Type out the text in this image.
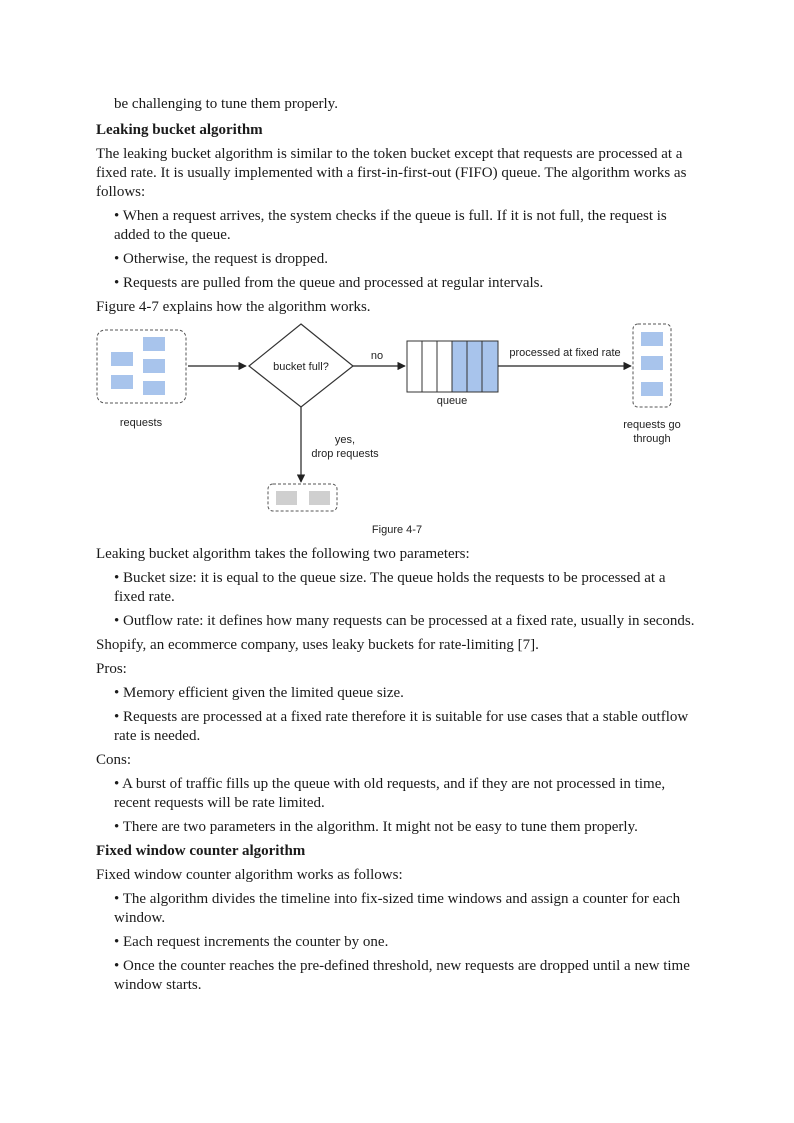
be challenging to tune them properly.

Leaking bucket algorithm

The leaking bucket algorithm is similar to the token bucket except that requests are processed at a fixed rate. It is usually implemented with a first-in-first-out (FIFO) queue. The algorithm works as follows:

• When a request arrives, the system checks if the queue is full. If it is not full, the request is added to the queue.

• Otherwise, the request is dropped.

• Requests are pulled from the queue and processed at regular intervals.

Figure 4-7 explains how the algorithm works.

requests
bucket full?
no
queue
processed at fixed rate
requests go
through
yes,
drop requests
Figure 4-7

Leaking bucket algorithm takes the following two parameters:

• Bucket size: it is equal to the queue size. The queue holds the requests to be processed at a fixed rate.

• Outflow rate: it defines how many requests can be processed at a fixed rate, usually in seconds.

Shopify, an ecommerce company, uses leaky buckets for rate-limiting [7].

Pros:

• Memory efficient given the limited queue size.

• Requests are processed at a fixed rate therefore it is suitable for use cases that a stable outflow rate is needed.

Cons:

• A burst of traffic fills up the queue with old requests, and if they are not processed in time, recent requests will be rate limited.

• There are two parameters in the algorithm. It might not be easy to tune them properly.

Fixed window counter algorithm

Fixed window counter algorithm works as follows:

• The algorithm divides the timeline into fix-sized time windows and assign a counter for each window.

• Each request increments the counter by one.

• Once the counter reaches the pre-defined threshold, new requests are dropped until a new time window starts.
